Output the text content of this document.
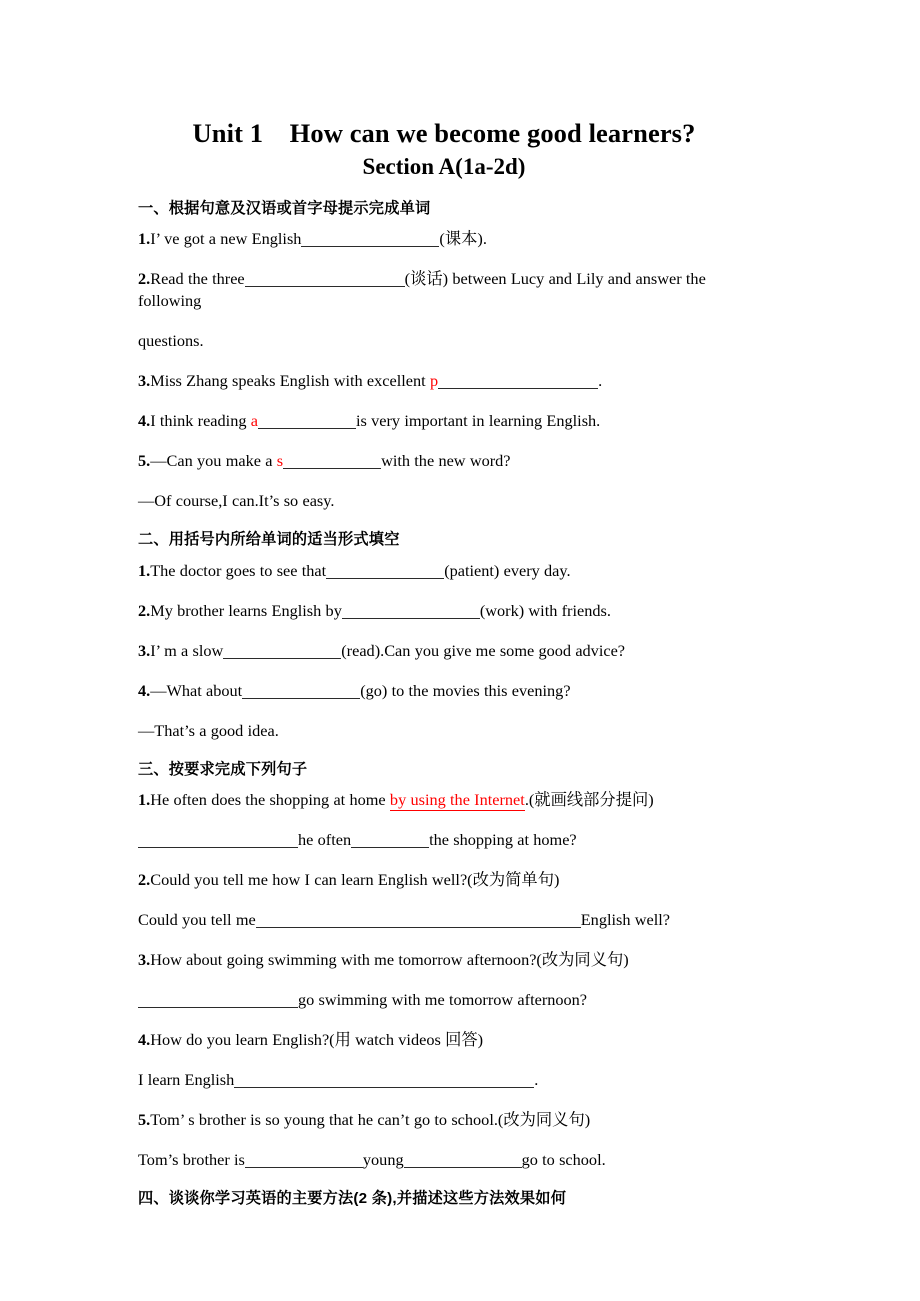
Unit 1 How can we become good learners?
Section A(1a-2d)
一、根据句意及汉语或首字母提示完成单词

1.I’ ve got a new English	(课本).

2.Read the three	(谈话) between Lucy and Lily and answer the following

questions.

3.Miss Zhang speaks English with excellent p	.

4.I think reading a	is very important in learning English.

5.—Can you make a s	with the new word?

—Of course,I can.It’s so easy.

二、用括号内所给单词的适当形式填空

1.The doctor goes to see that	(patient) every day.

2.My brother learns English by	(work) with friends.

3.I’ m a slow	(read).Can you give me some good advice?

4.—What about	(go) to the movies this evening?

—That’s a good idea.

三、按要求完成下列句子

1.He often does the shopping at home by using the Internet.(就画线部分提问)

he often	the shopping at home?

2.Could you tell me how I can learn English well?(改为简单句)

Could you tell me	English well?

3.How about going swimming with me tomorrow afternoon?(改为同义句)

go swimming with me tomorrow afternoon?

4.How do you learn English?(用 watch videos 回答)

I learn English	.

5.Tom’ s brother is so young that he can’t go to school.(改为同义句)

Tom’s brother is	young	go to school.

四、谈谈你学习英语的主要方法(2 条),并描述这些方法效果如何
